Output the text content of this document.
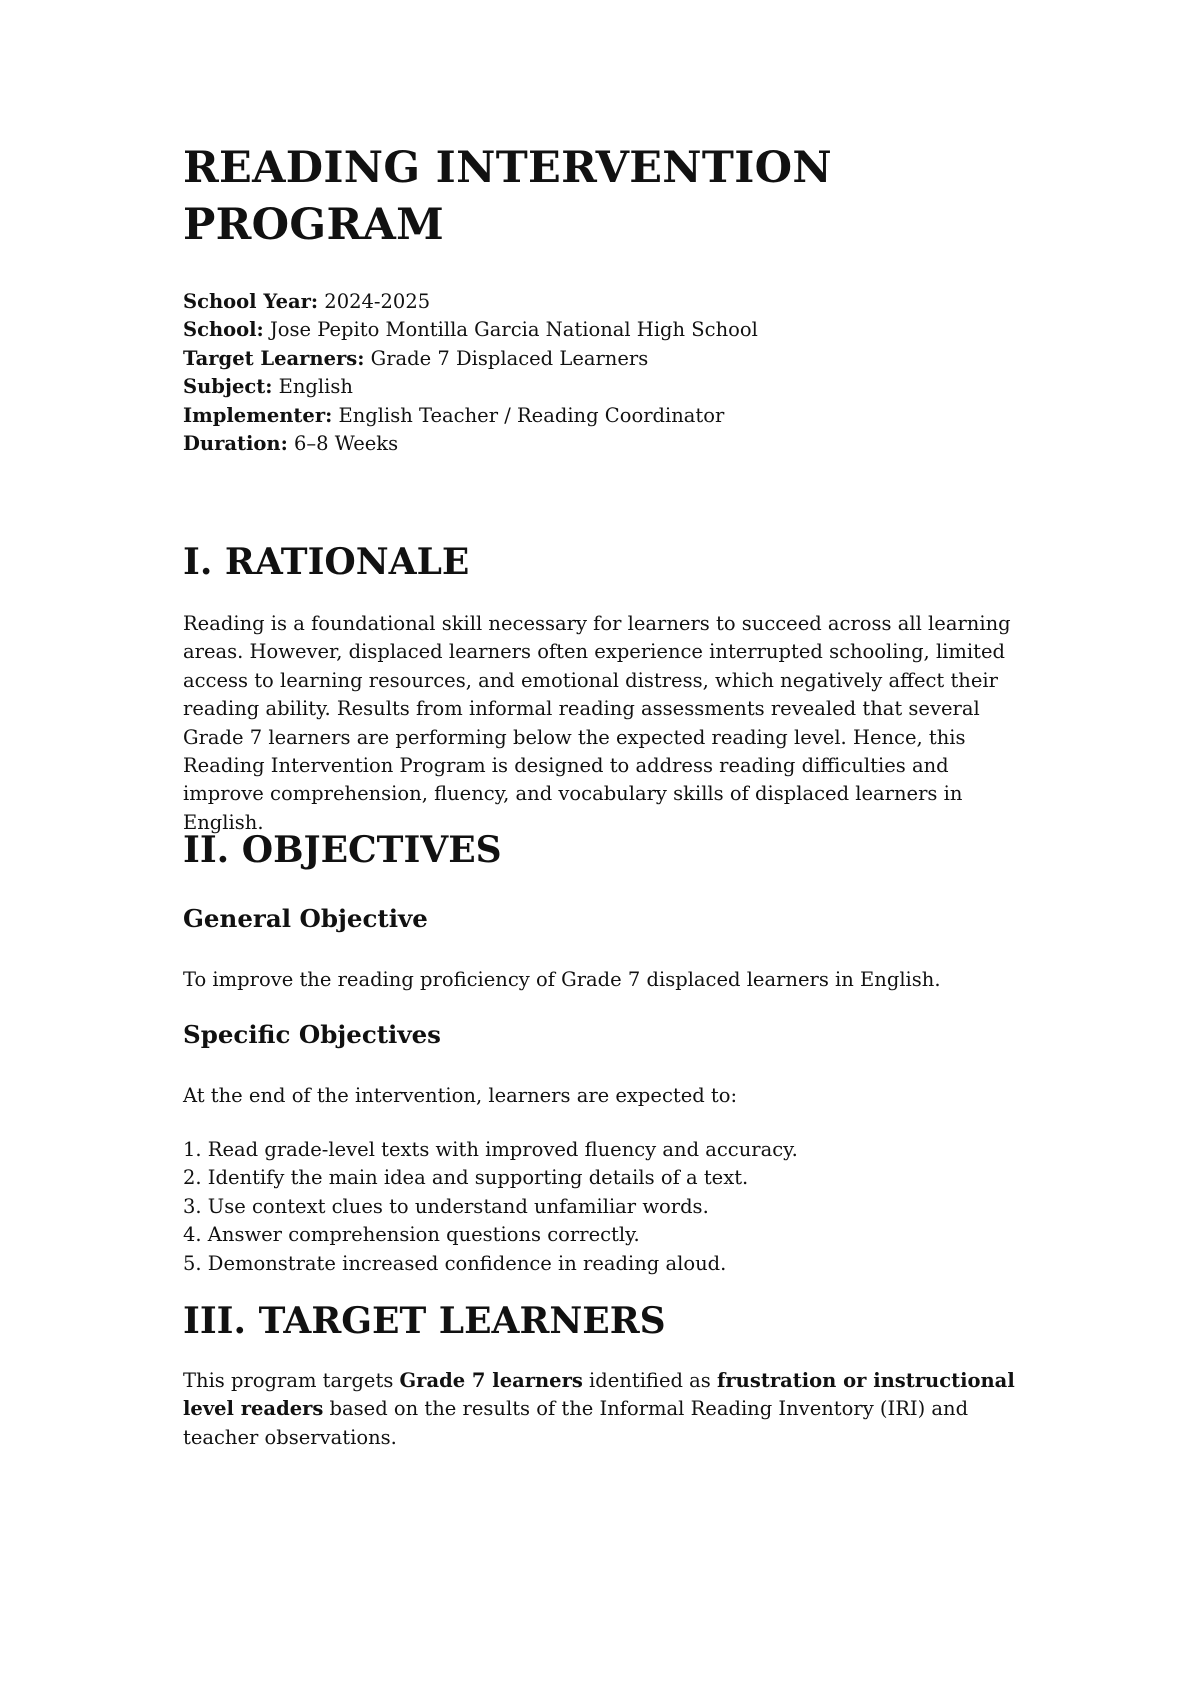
READING INTERVENTION PROGRAM
School Year: 2024-2025
School: Jose Pepito Montilla Garcia National High School
Target Learners: Grade 7 Displaced Learners
Subject: English
Implementer: English Teacher / Reading Coordinator
Duration: 6–8 Weeks
I. RATIONALE

Reading is a foundational skill necessary for learners to succeed across all learning areas. However, displaced learners often experience interrupted schooling, limited access to learning resources, and emotional distress, which negatively affect their reading ability. Results from informal reading assessments revealed that several Grade 7 learners are performing below the expected reading level. Hence, this Reading Intervention Program is designed to address reading difficulties and improve comprehension, fluency, and vocabulary skills of displaced learners in English.

II. OBJECTIVES
General Objective

To improve the reading proficiency of Grade 7 displaced learners in English.

Specific Objectives

At the end of the intervention, learners are expected to:

1. Read grade-level texts with improved fluency and accuracy.
2. Identify the main idea and supporting details of a text.
3. Use context clues to understand unfamiliar words.
4. Answer comprehension questions correctly.
5. Demonstrate increased confidence in reading aloud.
III. TARGET LEARNERS

This program targets Grade 7 learners identified as frustration or instructional level readers based on the results of the Informal Reading Inventory (IRI) and teacher observations.
